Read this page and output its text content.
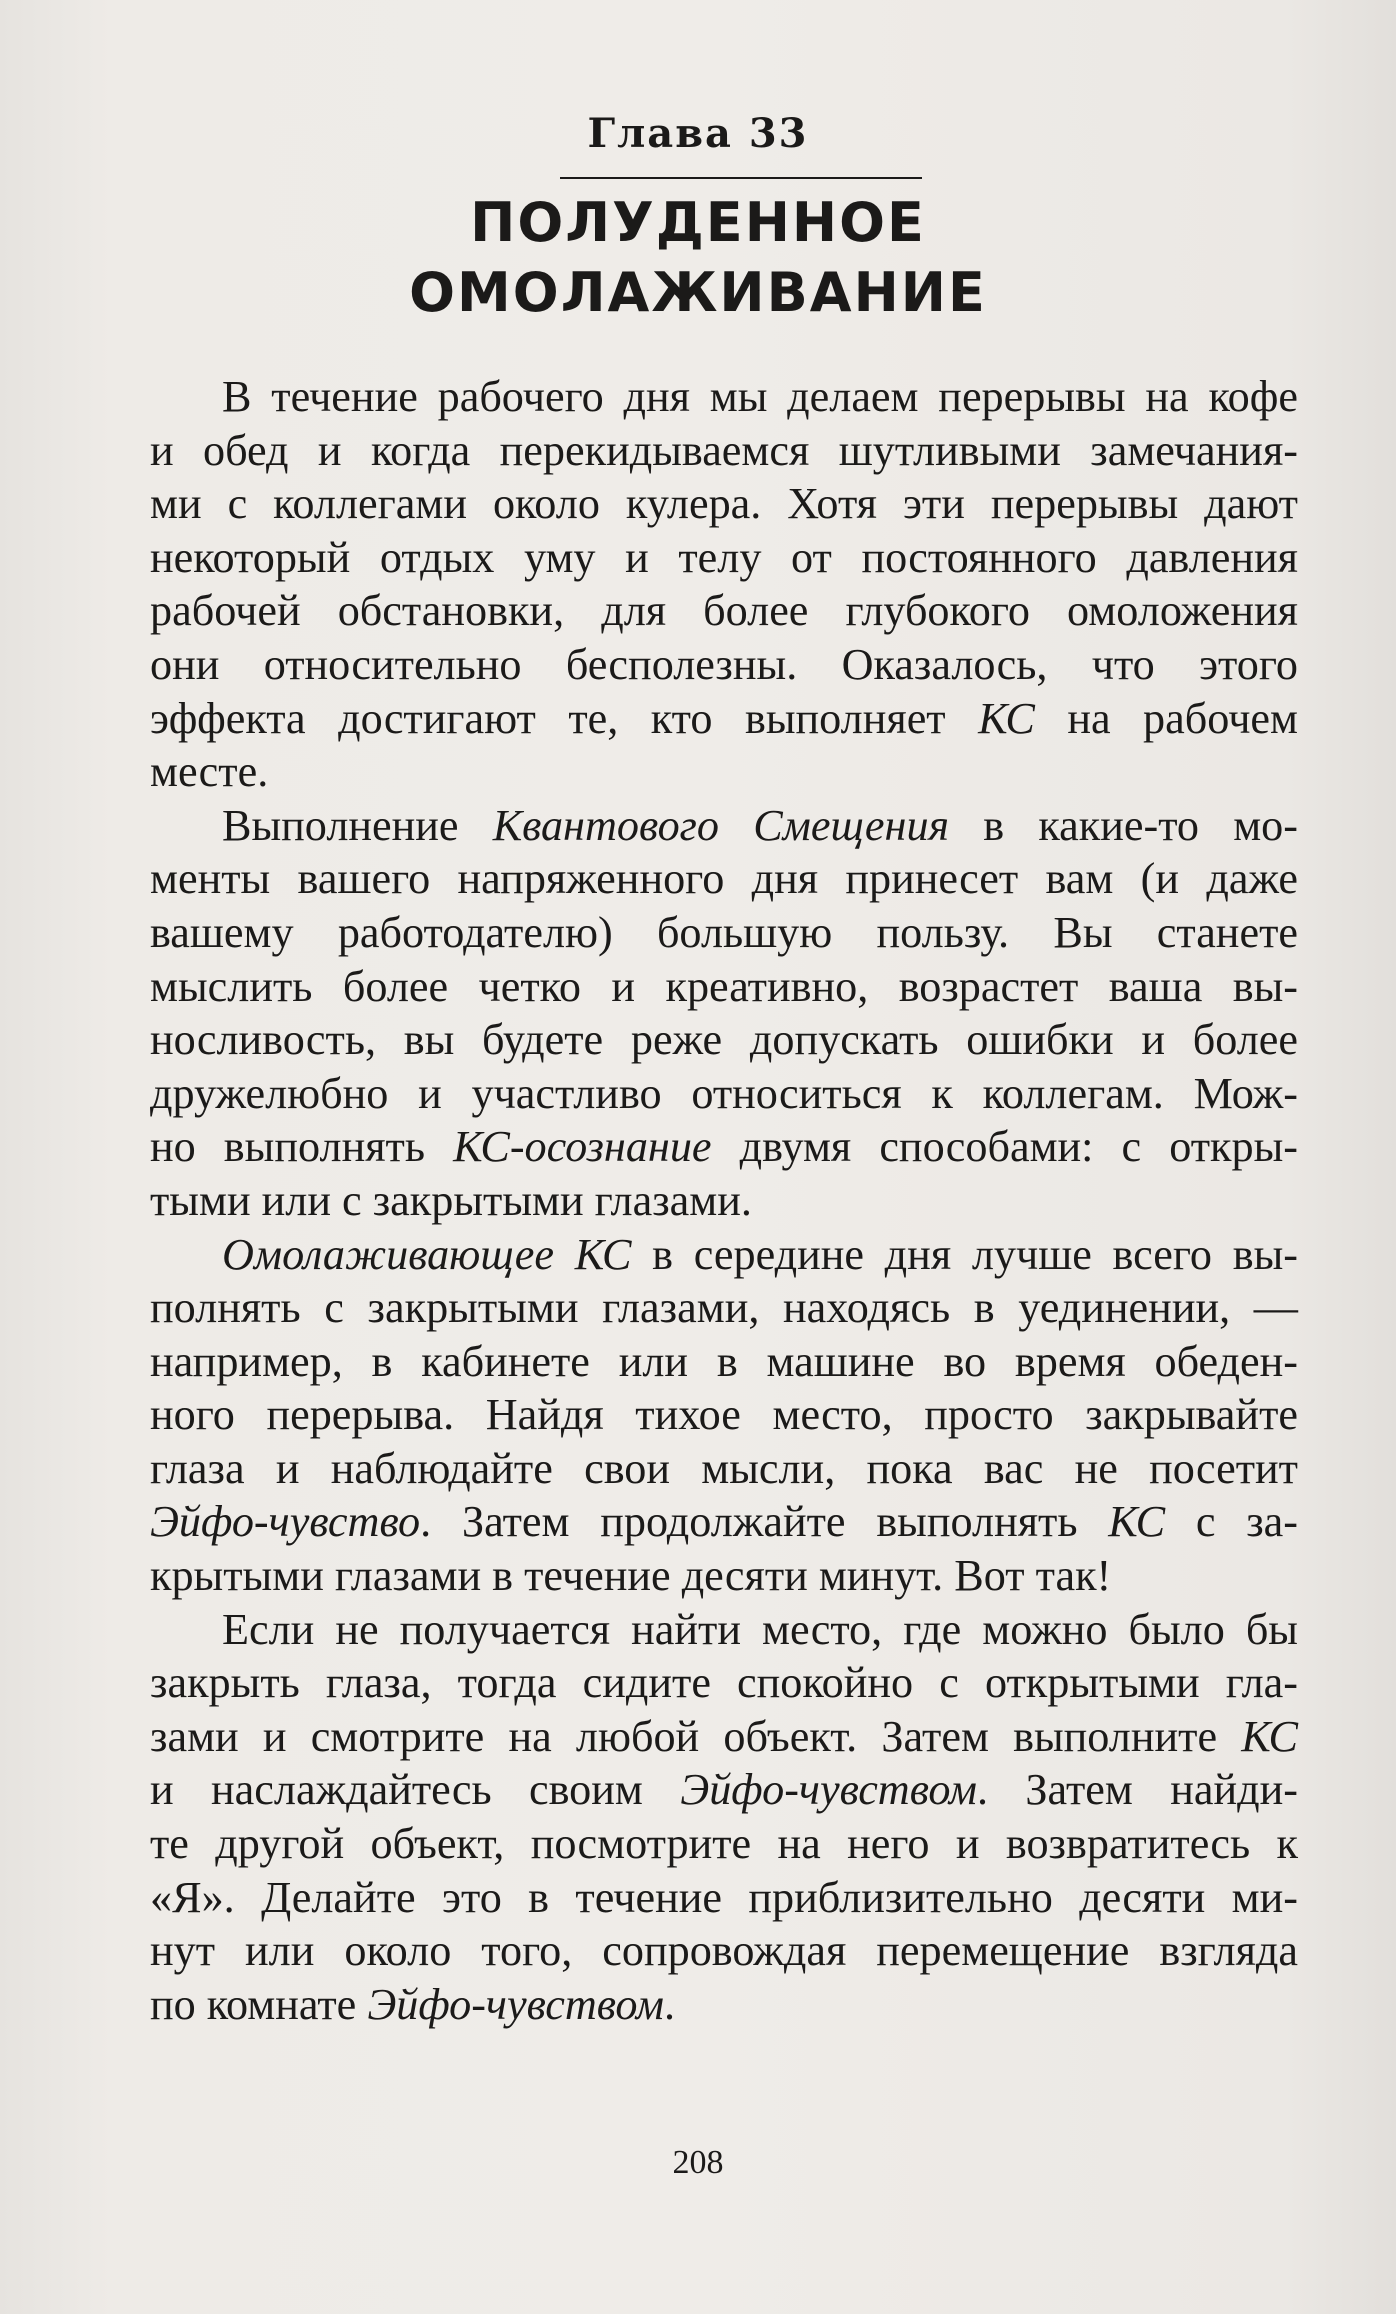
Глава 33
ПОЛУДЕННОЕ
ОМОЛАЖИВАНИЕ
В течение рабочего дня мы делаем перерывы на кофе
и обед и когда перекидываемся шутливыми замечания-
ми с коллегами около кулера. Хотя эти перерывы дают
некоторый отдых уму и телу от постоянного давления
рабочей обстановки, для более глубокого омоложения
они относительно бесполезны. Оказалось, что этого
эффекта достигают те, кто выполняет КС на рабочем
месте.
Выполнение Квантового Смещения в какие-то мо-
менты вашего напряженного дня принесет вам (и даже
вашему работодателю) большую пользу. Вы станете
мыслить более четко и креативно, возрастет ваша вы-
носливость, вы будете реже допускать ошибки и более
дружелюбно и участливо относиться к коллегам. Мож-
но выполнять КС-осознание двумя способами: с откры-
тыми или с закрытыми глазами.
Омолаживающее КС в середине дня лучше всего вы-
полнять с закрытыми глазами, находясь в уединении, —
например, в кабинете или в машине во время обеден-
ного перерыва. Найдя тихое место, просто закрывайте
глаза и наблюдайте свои мысли, пока вас не посетит
Эйфо-чувство. Затем продолжайте выполнять КС с за-
крытыми глазами в течение десяти минут. Вот так!
Если не получается найти место, где можно было бы
закрыть глаза, тогда сидите спокойно с открытыми гла-
зами и смотрите на любой объект. Затем выполните КС
и наслаждайтесь своим Эйфо-чувством. Затем найди-
те другой объект, посмотрите на него и возвратитесь к
«Я». Делайте это в течение приблизительно десяти ми-
нут или около того, сопровождая перемещение взгляда
по комнате Эйфо-чувством.
208
